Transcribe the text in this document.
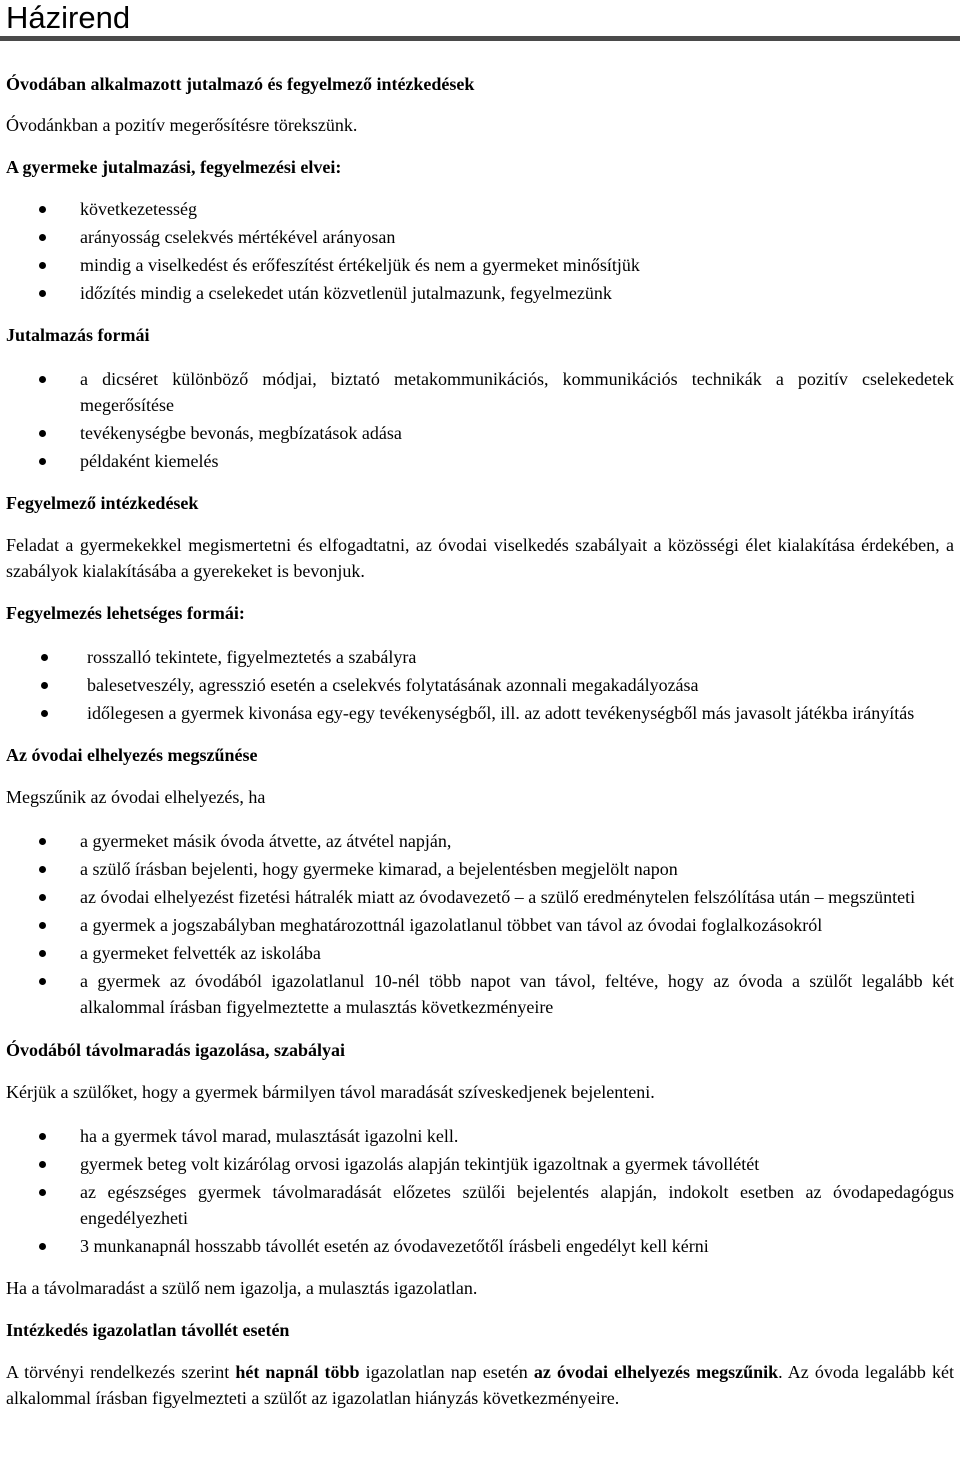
Házirend

Óvodában alkalmazott jutalmazó és fegyelmező intézkedések

Óvodánkban a pozitív megerősítésre törekszünk.

A gyermeke jutalmazási, fegyelmezési elvei:

következetesség
arányosság cselekvés mértékével arányosan
mindig a viselkedést és erőfeszítést értékeljük és nem a gyermeket minősítjük
időzítés mindig a cselekedet után közvetlenül jutalmazunk, fegyelmezünk

Jutalmazás formái

a dicséret különböző módjai, biztató metakommunikációs, kommunikációs technikák a pozitív cselekedetek megerősítése
tevékenységbe bevonás, megbízatások adása
példaként kiemelés

Fegyelmező intézkedések

Feladat a gyermekekkel megismertetni és elfogadtatni, az óvodai viselkedés szabályait a közösségi élet kialakítása érdekében, a szabályok kialakításába a gyerekeket is bevonjuk.

Fegyelmezés lehetséges formái:

rosszalló tekintete, figyelmeztetés a szabályra
balesetveszély, agresszió esetén a cselekvés folytatásának azonnali megakadályozása
időlegesen a gyermek kivonása egy-egy tevékenységből, ill. az adott tevékenységből más javasolt játékba irányítás

Az óvodai elhelyezés megszűnése

Megszűnik az óvodai elhelyezés, ha

a gyermeket másik óvoda átvette, az átvétel napján,
a szülő írásban bejelenti, hogy gyermeke kimarad, a bejelentésben megjelölt napon
az óvodai elhelyezést fizetési hátralék miatt az óvodavezető – a szülő eredménytelen felszólítása után – megszünteti
a gyermek a jogszabályban meghatározottnál igazolatlanul többet van távol az óvodai foglalkozásokról
a gyermeket felvették az iskolába
a gyermek az óvodából igazolatlanul 10-nél több napot van távol, feltéve, hogy az óvoda a szülőt legalább két alkalommal írásban figyelmeztette a mulasztás következményeire

Óvodából távolmaradás igazolása, szabályai

Kérjük a szülőket, hogy a gyermek bármilyen távol maradását szíveskedjenek bejelenteni.

ha a gyermek távol marad, mulasztását igazolni kell.
gyermek beteg volt kizárólag orvosi igazolás alapján tekintjük igazoltnak a gyermek távollétét
az egészséges gyermek távolmaradását előzetes szülői bejelentés alapján, indokolt esetben az óvodapedagógus engedélyezheti
3 munkanapnál hosszabb távollét esetén az óvodavezetőtől írásbeli engedélyt kell kérni

Ha a távolmaradást a szülő nem igazolja, a mulasztás igazolatlan.

Intézkedés igazolatlan távollét esetén

A törvényi rendelkezés szerint hét napnál több igazolatlan nap esetén az óvodai elhelyezés megszűnik. Az óvoda legalább két alkalommal írásban figyelmezteti a szülőt az igazolatlan hiányzás következményeire.
